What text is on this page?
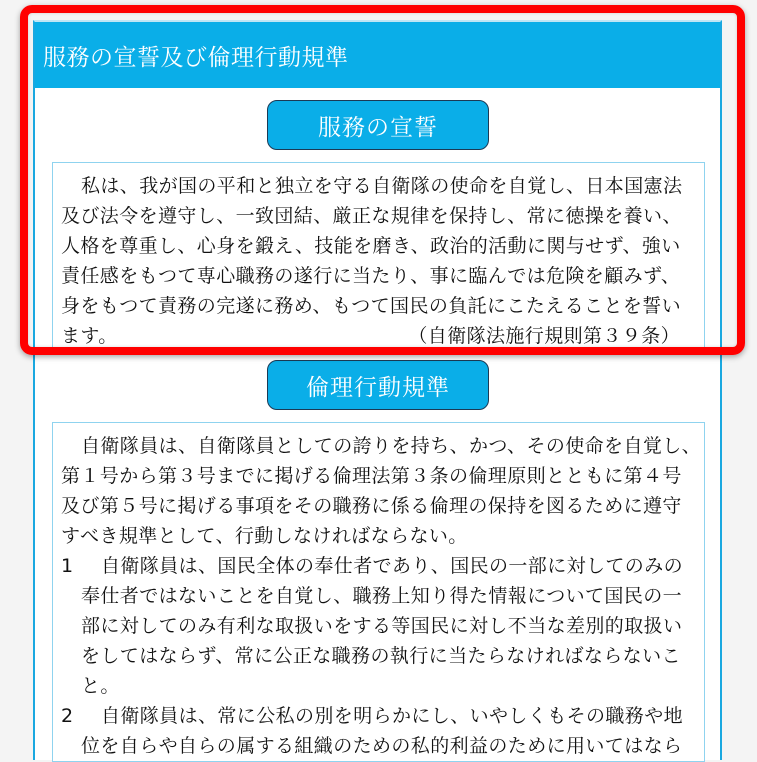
服務の宣誓及び倫理行動規準
服務の宣誓
私は、我が国の平和と独立を守る自衛隊の使命を自覚し、日本国憲法
及び法令を遵守し、一致団結、厳正な規律を保持し、常に徳操を養い、
人格を尊重し、心身を鍛え、技能を磨き、政治的活動に関与せず、強い
責任感をもつて専心職務の遂行に当たり、事に臨んでは危険を顧みず、
身をもつて責務の完遂に務め、もつて国民の負託にこたえることを誓い
ます。	（自衛隊法施行規則第３９条）
倫理行動規準
自衛隊員は、自衛隊員としての誇りを持ち、かつ、その使命を自覚し、
第１号から第３号までに掲げる倫理法第３条の倫理原則とともに第４号
及び第５号に掲げる事項をその職務に係る倫理の保持を図るために遵守
すべき規準として、行動しなければならない。
1 自衛隊員は、国民全体の奉仕者であり、国民の一部に対してのみの
奉仕者ではないことを自覚し、職務上知り得た情報について国民の一
部に対してのみ有利な取扱いをする等国民に対し不当な差別的取扱い
をしてはならず、常に公正な職務の執行に当たらなければならないこ
と。
2 自衛隊員は、常に公私の別を明らかにし、いやしくもその職務や地
位を自らや自らの属する組織のための私的利益のために用いてはなら
